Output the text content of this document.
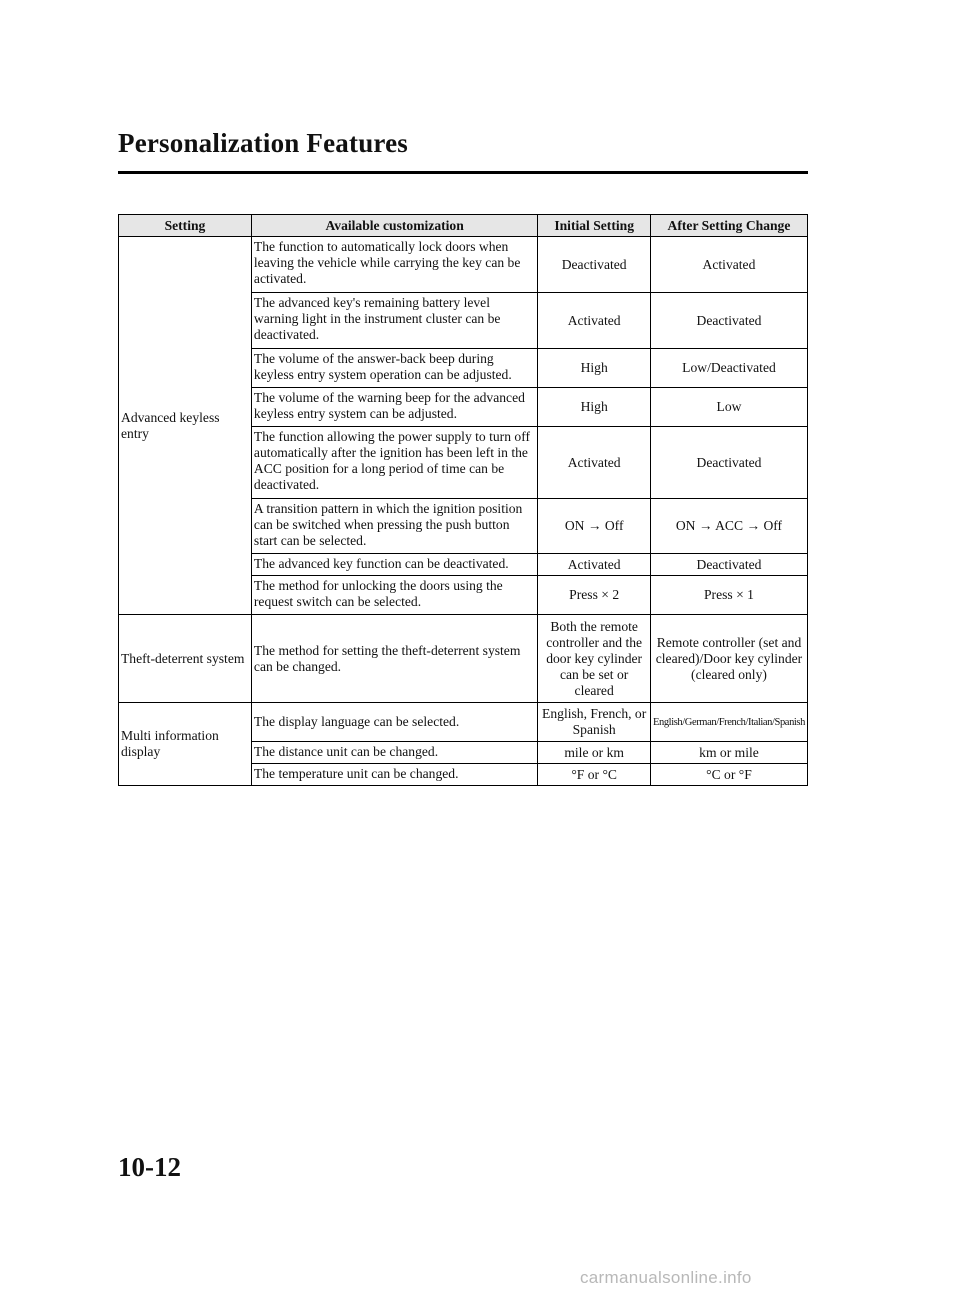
Personalization Features
Setting	Available customization	Initial Setting	After Setting Change
Advanced keyless entry	The function to automatically lock doors when leaving the vehicle while carrying the key can be activated.	Deactivated	Activated
	The advanced key's remaining battery level warning light in the instrument cluster can be deactivated.	Activated	Deactivated
	The volume of the answer-back beep during keyless entry system operation can be adjusted.	High	Low/Deactivated
	The volume of the warning beep for the advanced keyless entry system can be adjusted.	High	Low
	The function allowing the power supply to turn off automatically after the ignition has been left in the ACC position for a long period of time can be deactivated.	Activated	Deactivated
	A transition pattern in which the ignition position can be switched when pressing the push button start can be selected.	ON → Off	ON → ACC → Off
	The advanced key function can be deactivated.	Activated	Deactivated
	The method for unlocking the doors using the request switch can be selected.	Press × 2	Press × 1
Theft-deterrent system	The method for setting the theft-deterrent system can be changed.	Both the remote controller and the door key cylinder can be set or cleared	Remote controller (set and cleared)/Door key cylinder (cleared only)
Multi information display	The display language can be selected.	English, French, or Spanish	English/German/French/Italian/Spanish
	The distance unit can be changed.	mile or km	km or mile
	The temperature unit can be changed.	°F or °C	°C or °F
10-12
carmanualsonline.info
